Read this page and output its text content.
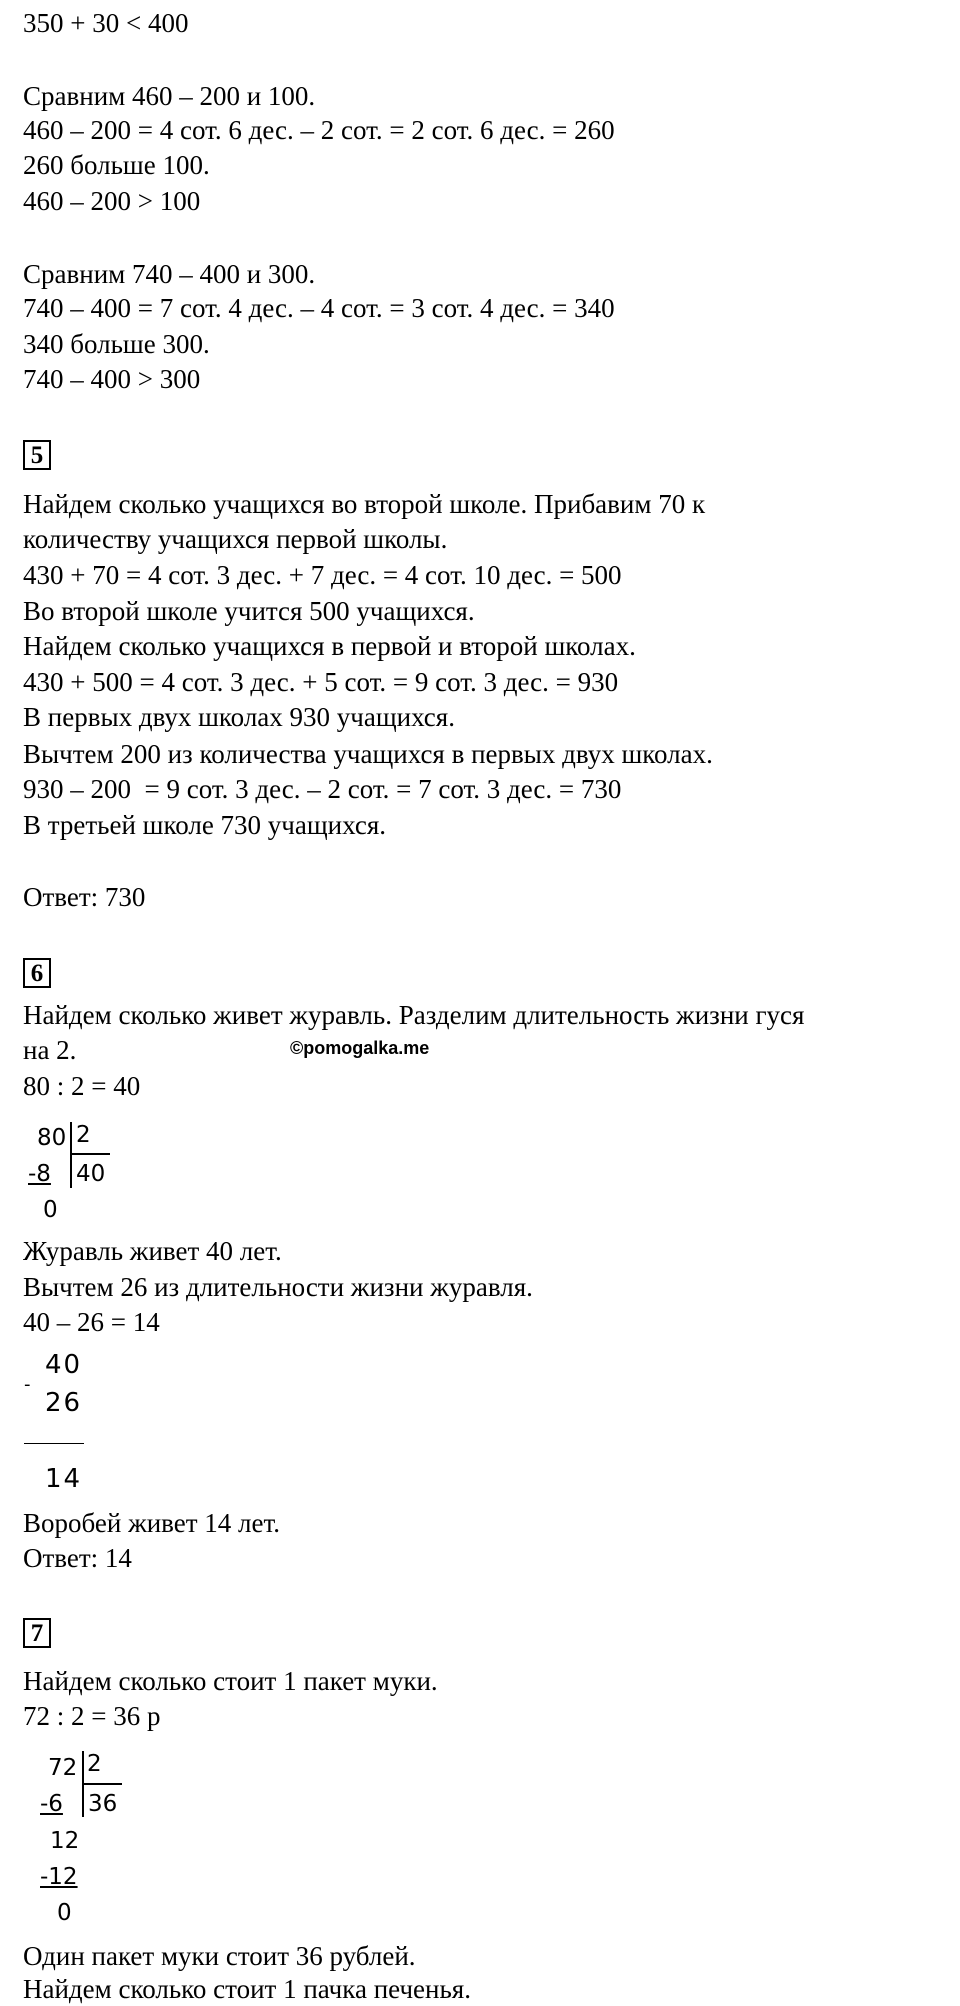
350 + 30 < 400

Сравним 460 – 200 и 100.

460 – 200 = 4 сот. 6 дес. – 2 сот. = 2 сот. 6 дес. = 260

260 больше 100.

460 – 200 > 100

Сравним 740 – 400 и 300.

740 – 400 = 7 сот. 4 дес. – 4 сот. = 3 сот. 4 дес. = 340

340 больше 300.

740 – 400 > 300

5

Найдем сколько учащихся во второй школе. Прибавим 70 к

количеству учащихся первой школы.

430 + 70 = 4 сот. 3 дес. + 7 дес. = 4 сот. 10 дес. = 500

Во второй школе учится 500 учащихся.

Найдем сколько учащихся в первой и второй школах.

430 + 500 = 4 сот. 3 дес. + 5 сот. = 9 сот. 3 дес. = 930

В первых двух школах 930 учащихся.

Вычтем 200 из количества учащихся в первых двух школах.

930 – 200  = 9 сот. 3 дес. – 2 сот. = 7 сот. 3 дес. = 730

В третьей школе 730 учащихся.

Ответ: 730

6

Найдем сколько живет журавль. Разделим длительность жизни гуся

на 2.	©pomogalka.me

80 : 2 = 40

80 2
-8 40
0

Журавль живет 40 лет.

Вычтем 26 из длительности жизни журавля.

40 – 26 = 14

-
40
26
14

Воробей живет 14 лет.

Ответ: 14

7

Найдем сколько стоит 1 пакет муки.

72 : 2 = 36 р

72 2
-6 36
12
-12
0

Один пакет муки стоит 36 рублей.

Найдем сколько стоит 1 пачка печенья.
